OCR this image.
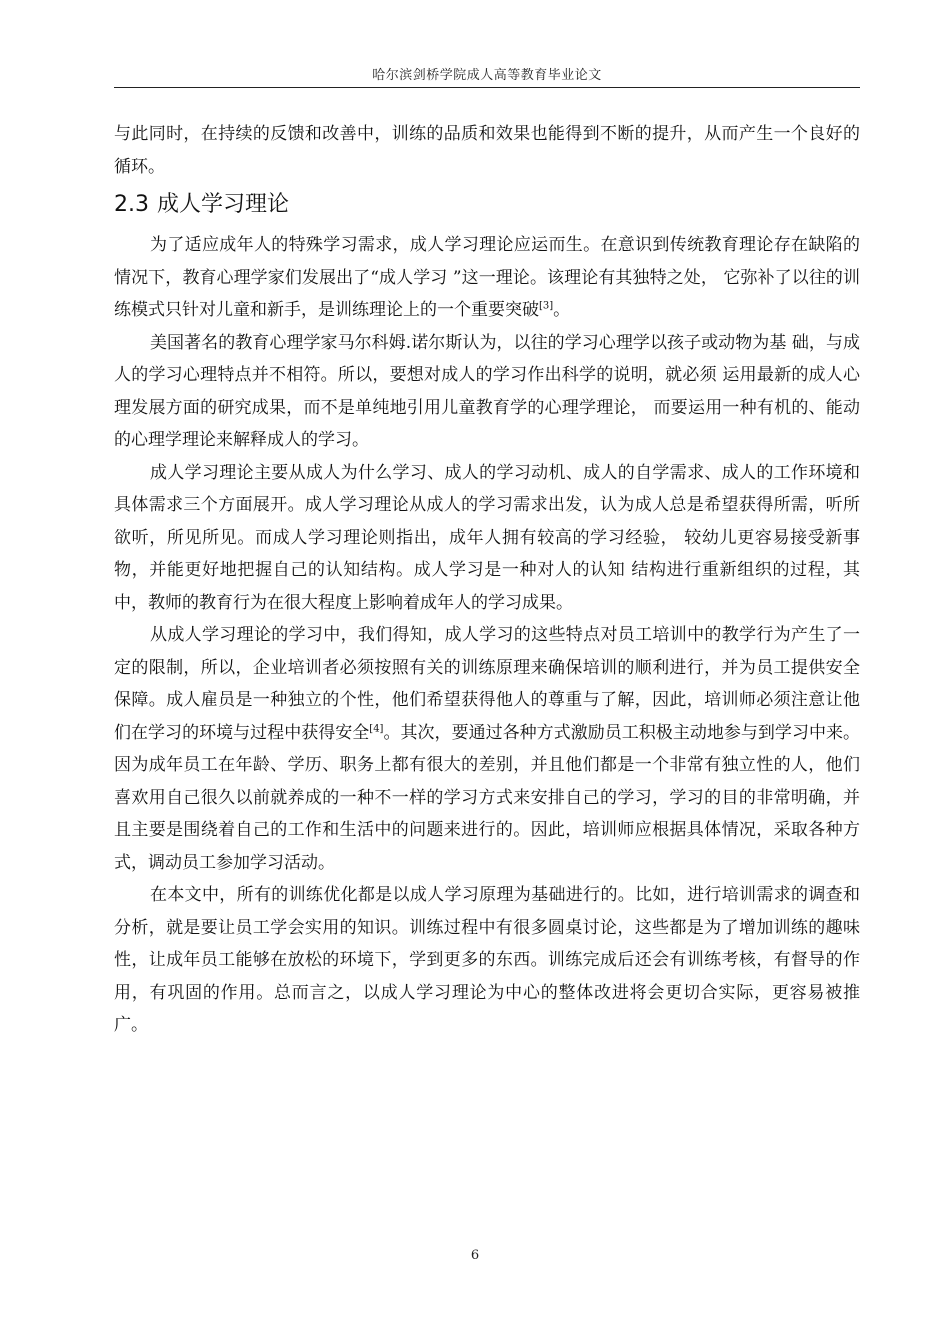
哈尔滨剑桥学院成人高等教育毕业论文

与此同时，在持续的反馈和改善中，训练的品质和效果也能得到不断的提升，从而产生一个良好的循环。

2.3 成人学习理论

为了适应成年人的特殊学习需求，成人学习理论应运而生。在意识到传统教育理论存在缺陷的情况下，教育心理学家们发展出了“成人学习 ”这一理论。该理论有其独特之处， 它弥补了以往的训练模式只针对儿童和新手，是训练理论上的一个重要突破[3]。

美国著名的教育心理学家马尔科姆.诺尔斯认为，以往的学习心理学以孩子或动物为基 础，与成人的学习心理特点并不相符。所以，要想对成人的学习作出科学的说明，就必须 运用最新的成人心理发展方面的研究成果，而不是单纯地引用儿童教育学的心理学理论， 而要运用一种有机的、能动的心理学理论来解释成人的学习。

成人学习理论主要从成人为什么学习、成人的学习动机、成人的自学需求、成人的工作环境和具体需求三个方面展开。成人学习理论从成人的学习需求出发，认为成人总是希望获得所需，听所欲听，所见所见。而成人学习理论则指出，成年人拥有较高的学习经验， 较幼儿更容易接受新事物，并能更好地把握自己的认知结构。成人学习是一种对人的认知 结构进行重新组织的过程，其中，教师的教育行为在很大程度上影响着成年人的学习成果。

从成人学习理论的学习中，我们得知，成人学习的这些特点对员工培训中的教学行为产生了一定的限制，所以，企业培训者必须按照有关的训练原理来确保培训的顺利进行，并为员工提供安全保障。成人雇员是一种独立的个性，他们希望获得他人的尊重与了解，因此，培训师必须注意让他们在学习的环境与过程中获得安全[4]。其次，要通过各种方式激励员工积极主动地参与到学习中来。因为成年员工在年龄、学历、职务上都有很大的差别，并且他们都是一个非常有独立性的人，他们喜欢用自己很久以前就养成的一种不一样的学习方式来安排自己的学习，学习的目的非常明确，并且主要是围绕着自己的工作和生活中的问题来进行的。因此，培训师应根据具体情况，采取各种方式，调动员工参加学习活动。

在本文中，所有的训练优化都是以成人学习原理为基础进行的。比如，进行培训需求的调查和分析，就是要让员工学会实用的知识。训练过程中有很多圆桌讨论，这些都是为了增加训练的趣味性，让成年员工能够在放松的环境下，学到更多的东西。训练完成后还会有训练考核，有督导的作用，有巩固的作用。总而言之，以成人学习理论为中心的整体改进将会更切合实际，更容易被推广。

6
